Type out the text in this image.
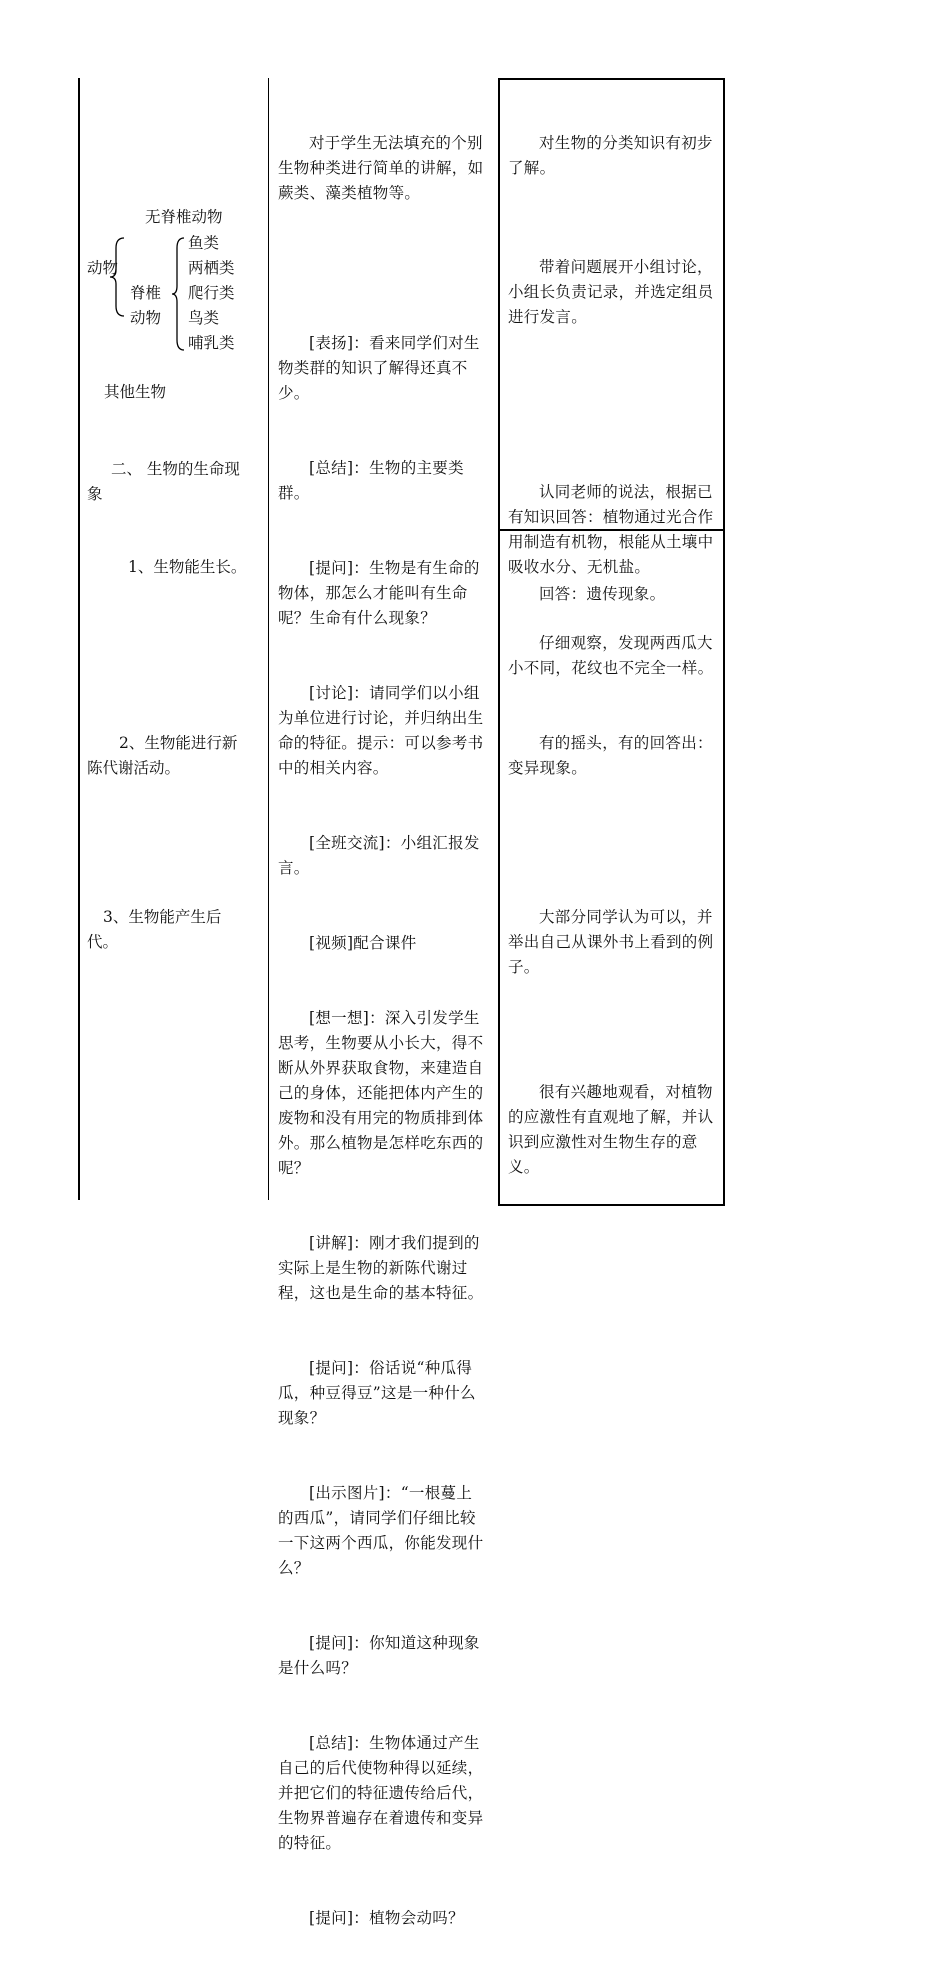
无脊椎动物
动物
脊椎
动物
鱼类
两栖类
爬行类
鸟类
哺乳类
其他生物
二、 生物的生命现
象
1、生物能生长。
2、生物能进行新
陈代谢活动。
3、生物能产生后
代。

对于学生无法填充的个别生物种类进行简单的讲解，如蕨类、藻类植物等。

[表扬]：看来同学们对生物类群的知识了解得还真不少。

[总结]：生物的主要类群。

[提问]：生物是有生命的物体，那怎么才能叫有生命呢？生命有什么现象？

[讨论]：请同学们以小组为单位进行讨论，并归纳出生命的特征。提示：可以参考书中的相关内容。

[全班交流]：小组汇报发言。

[视频]配合课件

[想一想]：深入引发学生思考，生物要从小长大，得不断从外界获取食物，来建造自己的身体，还能把体内产生的废物和没有用完的物质排到体外。那么植物是怎样吃东西的呢？

[讲解]：刚才我们提到的实际上是生物的新陈代谢过程，这也是生命的基本特征。

[提问]：俗话说“种瓜得瓜，种豆得豆”这是一种什么现象？

[出示图片]：“一根蔓上的西瓜”，请同学们仔细比较一下这两个西瓜，你能发现什么？

[提问]：你知道这种现象是什么吗？

[总结]：生物体通过产生自己的后代使物种得以延续，并把它们的特征遗传给后代，生物界普遍存在着遗传和变异的特征。

[提问]：植物会动吗？

对生物的分类知识有初步了解。

带着问题展开小组讨论，小组长负责记录，并选定组员进行发言。

认同老师的说法，根据已有知识回答：植物通过光合作用制造有机物，根能从土壤中吸收水分、无机盐。

回答：遗传现象。

仔细观察，发现两西瓜大小不同，花纹也不完全一样。

有的摇头，有的回答出：变异现象。

大部分同学认为可以，并举出自己从课外书上看到的例子。

很有兴趣地观看，对植物的应激性有直观地了解，并认识到应激性对生物生存的意义。
